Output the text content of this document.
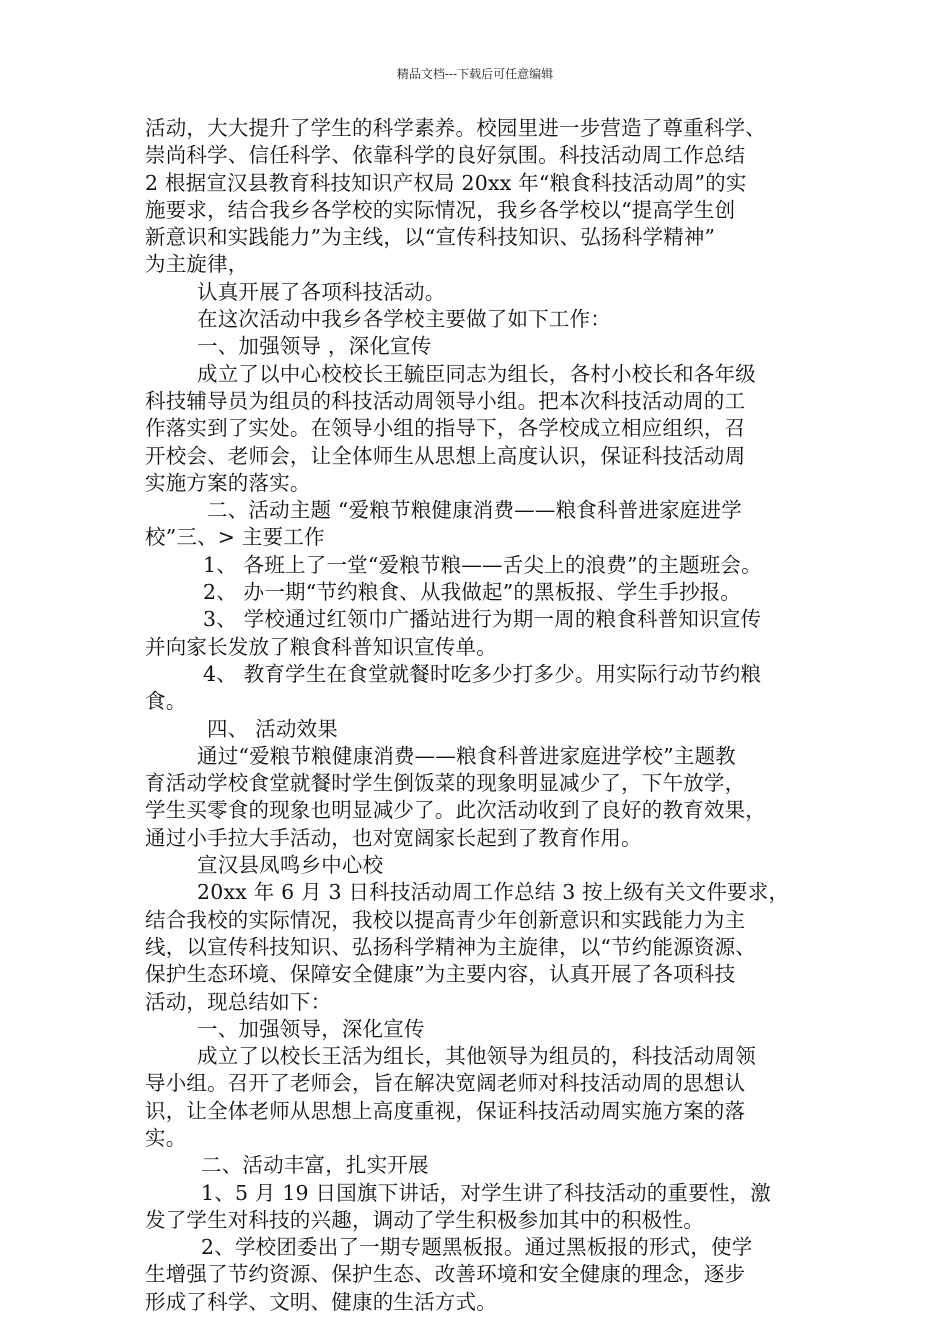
精品文档---下载后可任意编辑
活动，大大提升了学生的科学素养。校园里进一步营造了尊重科学、
崇尚科学、信任科学、依靠科学的良好氛围。科技活动周工作总结
2 根据宣汉县教育科技知识产权局 20xx 年“粮食科技活动周”的实
施要求，结合我乡各学校的实际情况，我乡各学校以“提高学生创
新意识和实践能力”为主线，以“宣传科技知识、弘扬科学精神”
为主旋律，
认真开展了各项科技活动。
在这次活动中我乡各学校主要做了如下工作：
一、加强领导 ，深化宣传
成立了以中心校校长王毓臣同志为组长，各村小校长和各年级
科技辅导员为组员的科技活动周领导小组。把本次科技活动周的工
作落实到了实处。在领导小组的指导下，各学校成立相应组织，召
开校会、老师会，让全体师生从思想上高度认识，保证科技活动周
实施方案的落实。
二、活动主题 “爱粮节粮健康消费——粮食科普进家庭进学
校”三、> 主要工作
1、 各班上了一堂“爱粮节粮——舌尖上的浪费”的主题班会。
2、 办一期“节约粮食、从我做起”的黑板报、学生手抄报。
3、 学校通过红领巾广播站进行为期一周的粮食科普知识宣传
并向家长发放了粮食科普知识宣传单。
4、 教育学生在食堂就餐时吃多少打多少。用实际行动节约粮
食。
四、 活动效果
通过“爱粮节粮健康消费——粮食科普进家庭进学校”主题教
育活动学校食堂就餐时学生倒饭菜的现象明显减少了，下午放学，
学生买零食的现象也明显减少了。此次活动收到了良好的教育效果，
通过小手拉大手活动，也对宽阔家长起到了教育作用。
宣汉县凤鸣乡中心校
20xx 年 6 月 3 日科技活动周工作总结 3 按上级有关文件要求，
结合我校的实际情况，我校以提高青少年创新意识和实践能力为主
线，以宣传科技知识、弘扬科学精神为主旋律，以“节约能源资源、
保护生态环境、保障安全健康”为主要内容，认真开展了各项科技
活动，现总结如下：
一、加强领导，深化宣传
成立了以校长王活为组长，其他领导为组员的，科技活动周领
导小组。召开了老师会，旨在解决宽阔老师对科技活动周的思想认
识，让全体老师从思想上高度重视，保证科技活动周实施方案的落
实。
二、活动丰富，扎实开展
1、5 月 19 日国旗下讲话，对学生讲了科技活动的重要性，激
发了学生对科技的兴趣，调动了学生积极参加其中的积极性。
2、学校团委出了一期专题黑板报。通过黑板报的形式，使学
生增强了节约资源、保护生态、改善环境和安全健康的理念，逐步
形成了科学、文明、健康的生活方式。
